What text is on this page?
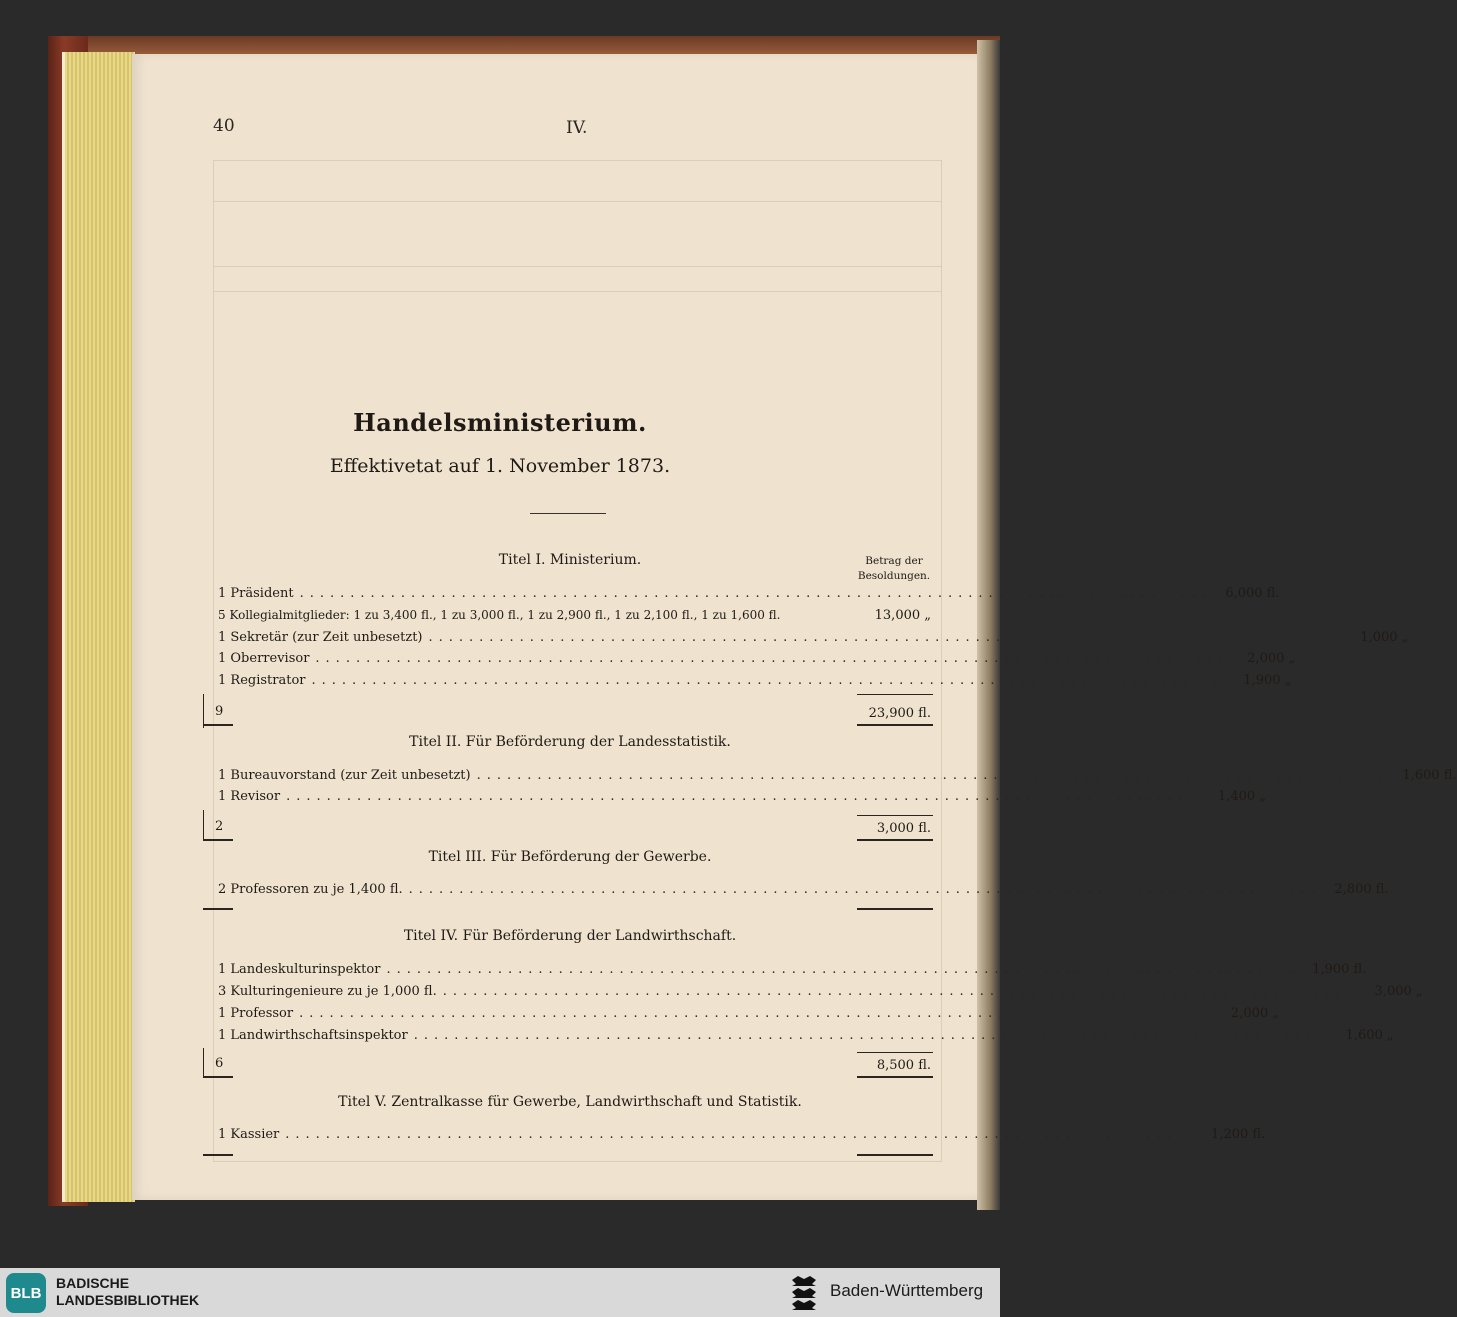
40	IV.
Handelsministerium.
Effektivetat auf 1. November 1873.
Betrag der
Besoldungen.
Titel I. Ministerium.
1 Präsident ..........................................................................................	6,000 fl.
5 Kollegialmitglieder: 1 zu 3,400 fl., 1 zu 3,000 fl., 1 zu 2,900 fl., 1 zu 2,100 fl., 1 zu 1,600 fl.	13,000 „
1 Sekretär (zur Zeit unbesetzt) ..........................................................................................	1,000 „
1 Oberrevisor ..........................................................................................	2,000 „
1 Registrator ..........................................................................................	1,900 „
9	23,900 fl.
Titel II. Für Beförderung der Landesstatistik.
1 Bureauvorstand (zur Zeit unbesetzt) ..........................................................................................	1,600 fl.
1 Revisor ..........................................................................................	1,400 „
2	3,000 fl.
Titel III. Für Beförderung der Gewerbe.
2 Professoren zu je 1,400 fl. ..........................................................................................	2,800 fl.
Titel IV. Für Beförderung der Landwirthschaft.
1 Landeskulturinspektor ..........................................................................................	1,900 fl.
3 Kulturingenieure zu je 1,000 fl. ..........................................................................................	3,000 „
1 Professor ..........................................................................................	2,000 „
1 Landwirthschaftsinspektor ..........................................................................................	1,600 „
6	8,500 fl.
Titel V. Zentralkasse für Gewerbe, Landwirthschaft und Statistik.
1 Kassier ..........................................................................................	1,200 fl.
BLB
BADISCHE
LANDESBIBLIOTHEK	Baden-Württemberg
